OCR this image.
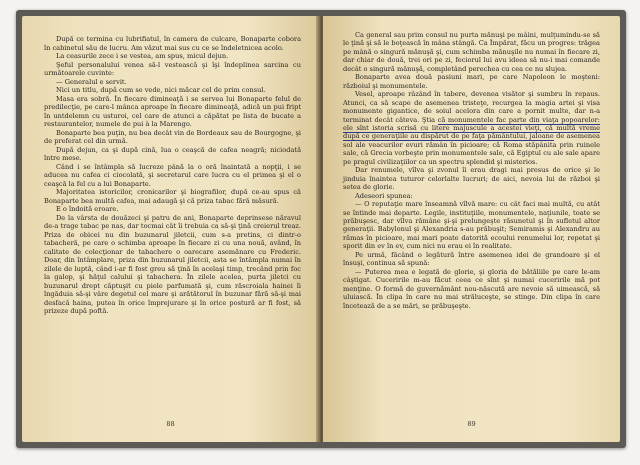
După ce termina cu lubrifiatul, în camera de culcare, Bonaparte cobora în cabinetul său de lucru. Am văzut mai sus cu ce se îndeletnicea acolo.

La ceasurile zece i se vestea, am spus, micul dejun.

Şeful personalului venea să-l vestească şi îşi îndeplinea sarcina cu următoarele cuvinte:

— Generalul e servit.

Nici un titlu, după cum se vede, nici măcar cel de prim consul.

Masa era sobră. În fiecare dimineaţă i se servea lui Bonaparte felul de predilecţie, pe care-l mânca aproape în fiecare dimineaţă, adică un pui fript în untdelemn cu usturoi, cel care de atunci a căpătat pe lista de bucate a restaurantelor, numele de pui à la Marengo.

Bonaparte bea puţin, nu bea decât vin de Bordeaux sau de Bourgogne, şi de preferat cel din urmă.

După dejun, ca şi după cină, lua o ceaşcă de cafea neagră; niciodată între mese.

Când i se întâmpla să lucreze până la o oră înaintată a nopţii, i se aducea nu cafea ci ciocolată, şi secretarul care lucra cu el primea şi el o ceaşcă la fel cu a lui Bonaparte.

Majoritatea istoricilor, cronicarilor şi biografilor, după ce-au spus că Bonaparte bea multă cafea, mai adaugă şi că priza tabac fără măsură.

E o îndoită eroare.

De la vârsta de douăzeci şi patru de ani, Bonaparte deprinsese năravul de-a trage tabac pe nas, dar tocmai cât îi trebuia ca să-şi ţină creierul treaz. Priza de obicei nu din buzunarul jiletcii, cum s-a pretins, ci dintr-o tabacheră, pe care o schimba aproape în fiecare zi cu una nouă, având, în calitate de colecţionar de tabachere o oarecare asemănare cu Frederic. Doar, din întâmplare, priza din buzunarul jiletcii, asta se întâmpla numai în zilele de luptă, când i-ar fi fost greu să ţină în acelaşi timp, trecând prin foc la galop, şi hăţul calului şi tabachera. În zilele acelea, purta jiletci cu buzunarul drept căptuşit cu piele parfumată şi, cum răscroiala hainei îi îngăduia să-şi vâre degetul cel mare şi arătătorul în buzunar fără să-şi mai desfacă haina, putea în orice împrejurare şi în orice postură ar fi fost, să prizeze după poftă.

88

Ca general sau prim consul nu purta mănuşi pe mâini, mulţumindu-se să le ţină şi să le boţească în mâna stângă. Ca Împărat, făcu un progres: trăgea pe mână o singură mănuşă şi, cum schimba mănuşile nu numai în fiecare zi, dar chiar de două, trei ori pe zi, feciorul lui avu ideea să nu-i mai comande decât o singură mănuşă, completând perechea cu cea ce nu slujea.

Bonaparte avea două pasiuni mari, pe care Napoleon le moşteni: războiul şi monumentele.

Vesel, aproape râzând în tabere, devenea visător şi sumbru în repaus. Atunci, ca să scape de asemenea tristeţe, recurgea la magia artei şi visa monumente gigantice, de soiul acelora din care a pornit multe, dar n-a terminat decât câteva. Ştia că monumentele fac parte din viaţa popoarelor: ele sînt istoria scrisă cu litere majuscule a acestei vieţi, că multă vreme după ce generaţiile au dispărut de pe faţa pământului, jaloane de asemenea sol ale veacurilor evuri rămân în picioare; că Roma stăpânita prin ruinele sale, că Grecia vorbeşte prin monumentele sale, că Egiptul cu ale sale apare pe pragul civilizaţiilor ca un spectru splendid şi misterios.

Dar renumele, vîlva şi zvonul îi erau dragi mai presus de orice şi le jinduia înaintea tuturor celorlalte lucruri; de aici, nevoia lui de război şi setea de glorie.

Adeseori spunea:

— O reputaţie mare înseamnă vîlvă mare: cu cât faci mai multă, cu atât se întinde mai departe. Legile, instituţiile, monumentele, naţiunile, toate se prăbuşesc, dar vîlva rămâne şi-şi prelungeşte răsunetul şi în sufletul altor generaţii. Babylonul şi Alexandria s-au prăbuşit; Semiramis şi Alexandru au rămas în picioare, mai mari poate datorită ecoului renumelui lor, repetat şi sporit din ev în ev, cum nici nu erau ei în realitate.

Pe urmă, făcând o legătură între asemenea idei de grandoare şi el însuşi, continua să spună:

— Puterea mea e legată de glorie, şi gloria de bătăliile pe care le-am câştigat. Cuceririle m-au făcut ceea ce sînt şi numai cuceririle mă pot menţine. O formă de guvernământ nou-născută are nevoie să uimească, să uluiască. În clipa în care nu mai străluceşte, se stinge. Din clipa în care încetează de a se mări, se prăbuşeşte.

89
